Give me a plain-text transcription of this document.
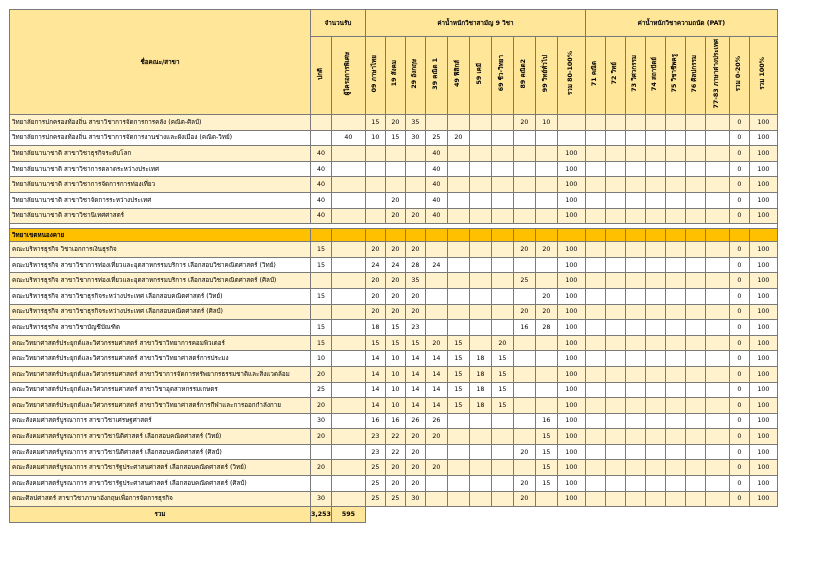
ชื่อคณะ/สาขา	จำนวนรับ		ค่าน้ำหนักวิชาสามัญ 9 วิชา										ค่าน้ำหนักวิชาความถนัด (PAT)								
	ปกติ	ผู้ใครอการพิเศษ	09 ภาษาไทย	19 สังคม	29 อังกฤษ	39 คณิต 1	49 ฟิสิกส์	59 เคมี	69 ชีว-วิทยา	89 คณิต2	99 วิทย์ทั่วไป	รวม 80-100%	71 คณิต	72 วิทย์	73 วิศวกรรม	74 สถาปัตย์	75 วิชาชีพครู	76 ศิลปกรรม	77-83 ภาษาต่างประเทศ	รวม 0-20%	รวม 100%
วิทยาลัยการปกครองท้องถิ่น สาขาวิชาการจัดการการคลัง (คณิต-ศิลป์)			15	20	35					20	10									0	100
วิทยาลัยการปกครองท้องถิ่น สาขาวิชาการจัดการงานช่างและผังเมือง (คณิต-วิทย์)		40	10	15	30	25	20													0	100
วิทยาลัยนานาชาติ สาขาวิชาธุรกิจระดับโลก	40					40						100								0	100
วิทยาลัยนานาชาติ สาขาวิชาการตลาดระหว่างประเทศ	40					40						100								0	100
วิทยาลัยนานาชาติ สาขาวิชาการจัดการการท่องเที่ยว	40					40						100								0	100
วิทยาลัยนานาชาติ สาขาวิชาจัดการระหว่างประเทศ	40			20		40						100								0	100
วิทยาลัยนานาชาติ สาขาวิชานิเทศศาสตร์	40			20	20	40						100								0	100

วิทยาเขตหนองคาย																					
คณะบริหารธุรกิจ วิชาเอกการเงินธุรกิจ	15		20	20	20					20	20	100								0	100
คณะบริหารธุรกิจ สาขาวิชาการท่องเที่ยวและอุตสาหกรรมบริการ เลือกสอบวิชาคณิตศาสตร์ (วิทย์)	15		24	24	28	24						100								0	100
คณะบริหารธุรกิจ สาขาวิชาการท่องเที่ยวและอุตสาหกรรมบริการ เลือกสอบวิชาคณิตศาสตร์ (ศิลป์)			20	20	35					25		100								0	100
คณะบริหารธุรกิจ สาขาวิชาธุรกิจระหว่างประเทศ เลือกสอบคณิตศาสตร์ (วิทย์)	15		20	20	20						20	100								0	100
คณะบริหารธุรกิจ สาขาวิชาธุรกิจระหว่างประเทศ เลือกสอบคณิตศาสตร์ (ศิลป์)			20	20	20					20	20	100								0	100
คณะบริหารธุรกิจ สาขาวิชาบัญชีบัณฑิต	15		18	15	23					16	28	100								0	100
คณะวิทยาศาสตร์ประยุกต์และวิศวกรรมศาสตร์ สาขาวิชาวิทยาการคอมพิวเตอร์	15		15	15	15	20	15		20			100								0	100
คณะวิทยาศาสตร์ประยุกต์และวิศวกรรมศาสตร์ สาขาวิชาวิทยาศาสตร์การประมง	10		14	10	14	14	15	18	15			100								0	100
คณะวิทยาศาสตร์ประยุกต์และวิศวกรรมศาสตร์ สาขาวิชาการจัดการทรัพยากรธรรมชาติและสิ่งแวดล้อม	20		14	10	14	14	15	18	15			100								0	100
คณะวิทยาศาสตร์ประยุกต์และวิศวกรรมศาสตร์ สาขาวิชาอุตสาหกรรมเกษตร	25		14	10	14	14	15	18	15			100								0	100
คณะวิทยาศาสตร์ประยุกต์และวิศวกรรมศาสตร์ สาขาวิชาวิทยาศาสตร์การกีฬาและการออกกำลังกาย	20		14	10	14	14	15	18	15			100								0	100
คณะสังคมศาสตร์บูรณาการ สาขาวิชาเศรษฐศาสตร์	30		16	16	26	26					16	100								0	100
คณะสังคมศาสตร์บูรณาการ สาขาวิชานิติศาสตร์ เลือกสอบคณิตศาสตร์ (วิทย์)	20		23	22	20	20					15	100								0	100
คณะสังคมศาสตร์บูรณาการ สาขาวิชานิติศาสตร์ เลือกสอบคณิตศาสตร์ (ศิลป์)			23	22	20					20	15	100								0	100
คณะสังคมศาสตร์บูรณาการ สาขาวิชารัฐประศาสนศาสตร์ เลือกสอบคณิตศาสตร์ (วิทย์)	20		25	20	20	20					15	100								0	100
คณะสังคมศาสตร์บูรณาการ สาขาวิชารัฐประศาสนศาสตร์ เลือกสอบคณิตศาสตร์ (ศิลป์)			25	20	20					20	15	100								0	100
คณะศิลปศาสตร์ สาขาวิชาภาษาอังกฤษเพื่อการจัดการธุรกิจ	30		25	25	30					20		100								0	100
รวม	3,253	595																			
